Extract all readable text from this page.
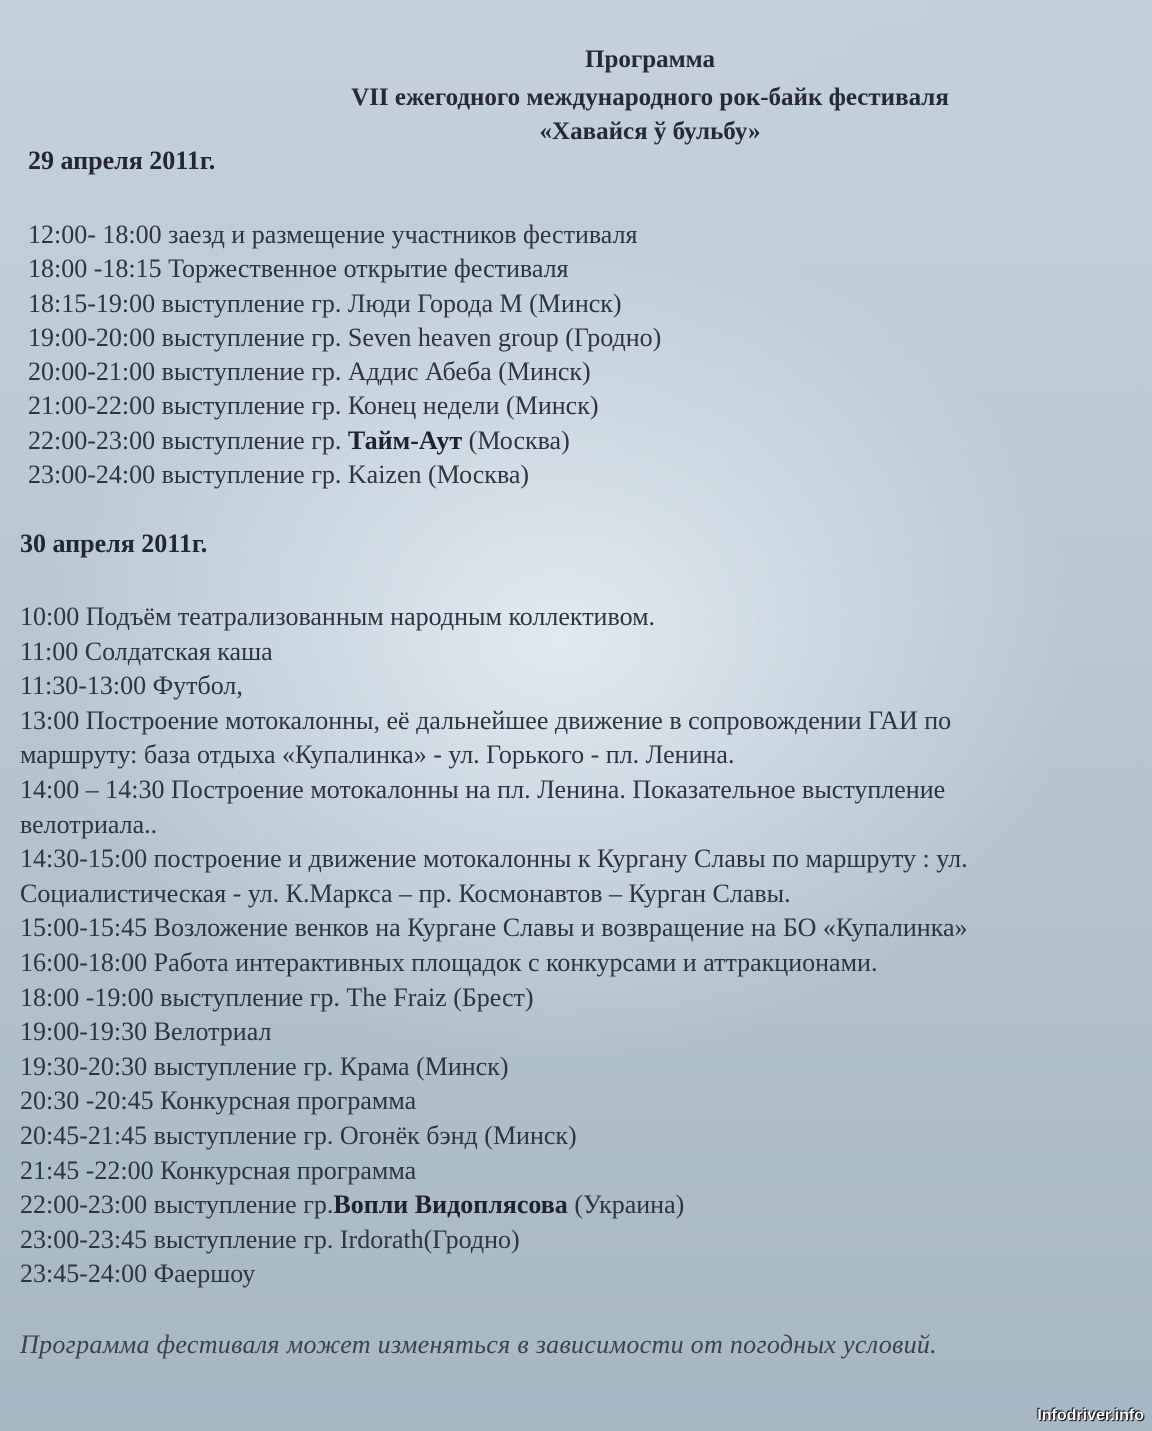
Программа
VII ежегодного международного рок-байк фестиваля
«Хавайся ў бульбу»
29 апреля 2011г.
12:00- 18:00 заезд и размещение участников фестиваля
18:00 -18:15 Торжественное открытие фестиваля
18:15-19:00 выступление гр. Люди Города М (Минск)
19:00-20:00 выступление гр. Seven heaven group (Гродно)
20:00-21:00 выступление гр. Аддис Абеба (Минск)
21:00-22:00 выступление гр. Конец недели (Минск)
22:00-23:00 выступление гр. Тайм-Аут (Москва)
23:00-24:00 выступление гр. Kaizen (Москва)
30 апреля 2011г.
10:00 Подъём театрализованным народным коллективом.
11:00 Солдатская каша
11:30-13:00 Футбол,
13:00 Построение мотокалонны, её дальнейшее движение в сопровождении ГАИ по
маршруту: база отдыха «Купалинка» - ул. Горького - пл. Ленина.
14:00 – 14:30 Построение мотокалонны на пл. Ленина. Показательное выступление
велотриала..
14:30-15:00 построение и движение мотокалонны к Кургану Славы по маршруту : ул.
Социалистическая - ул. К.Маркса – пр. Космонавтов – Курган Славы.
15:00-15:45 Возложение венков на Кургане Славы и возвращение на БО «Купалинка»
16:00-18:00 Работа интерактивных площадок с конкурсами и аттракционами.
18:00 -19:00 выступление гр. The Fraiz (Брест)
19:00-19:30 Велотриал
19:30-20:30 выступление гр. Крама (Минск)
20:30 -20:45 Конкурсная программа
20:45-21:45 выступление гр. Огонёк бэнд (Минск)
21:45 -22:00 Конкурсная программа
22:00-23:00 выступление гр.Вопли Видоплясова (Украина)
23:00-23:45 выступление гр. Irdorath(Гродно)
23:45-24:00 Фаершоу
Программа фестиваля может изменяться в зависимости от погодных условий.
Infodriver.info
